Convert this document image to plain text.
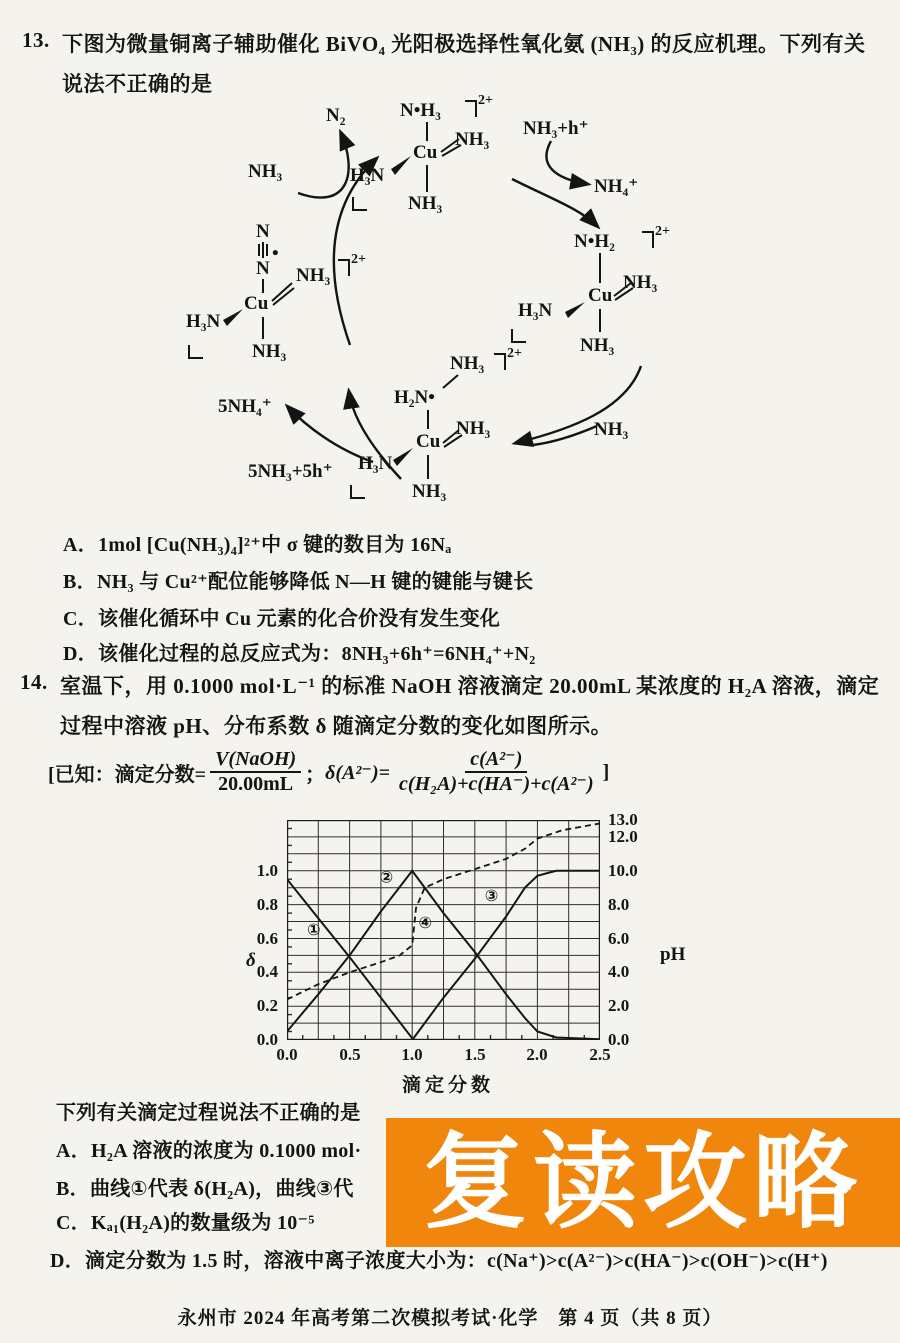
13. 下图为微量铜离子辅助催化 BiVO₄ 光阳极选择性氧化氨 (NH₃) 的反应机理。下列有关
说法不正确的是
N₂
NH₃
NH₃+h⁺
NH₄⁺
5NH₄⁺
5NH₃+5h⁺
NH₃
N•H₃	2+
Cu
NH₃
H₃N
NH₃
N
•
N NH₃
2+
Cu
H₃N
NH₃
N•H₂	2+
Cu
NH₃
H₃N
NH₃
NH₃ 2+
H₂N•
Cu
NH₃
H₃N
NH₃
A．1mol [Cu(NH₃)₄]²⁺中 σ 键的数目为 16Nₐ
B．NH₃ 与 Cu²⁺配位能够降低 N—H 键的键能与键长
C．该催化循环中 Cu 元素的化合价没有发生变化
D．该催化过程的总反应式为：8NH₃+6h⁺=6NH₄⁺+N₂
14. 室温下，用 0.1000 mol·L⁻¹ 的标准 NaOH 溶液滴定 20.00mL 某浓度的 H₂A 溶液，滴定
过程中溶液 pH、分布系数 δ 随滴定分数的变化如图所示。
[已知：滴定分数= $\frac{\text{V(NaOH)}}{20.00mL}$ ； $\delta(A^{2-})= \frac{\text{c(A²⁻)}}{\text{c(H₂A)+c(HA⁻)+c(A²⁻)}}$ ]
①
②
③
④
1.0
0.8
0.6
0.4
0.2
0.0
13.0
12.0
10.0
8.0
6.0
4.0
2.0
0.0
0.0	0.5	1.0	1.5	2.0	2.5
δ	pH
滴定分数
下列有关滴定过程说法不正确的是
A．H₂A 溶液的浓度为 0.1000 mol·
B．曲线①代表 δ(H₂A)，曲线③代
C．Kₐ₁(H₂A)的数量级为 10⁻⁵
D．滴定分数为 1.5 时，溶液中离子浓度大小为：c(Na⁺)>c(A²⁻)>c(HA⁻)>c(OH⁻)>c(H⁺)
复读攻略
永州市 2024 年高考第二次模拟考试·化学　第 4 页（共 8 页）
